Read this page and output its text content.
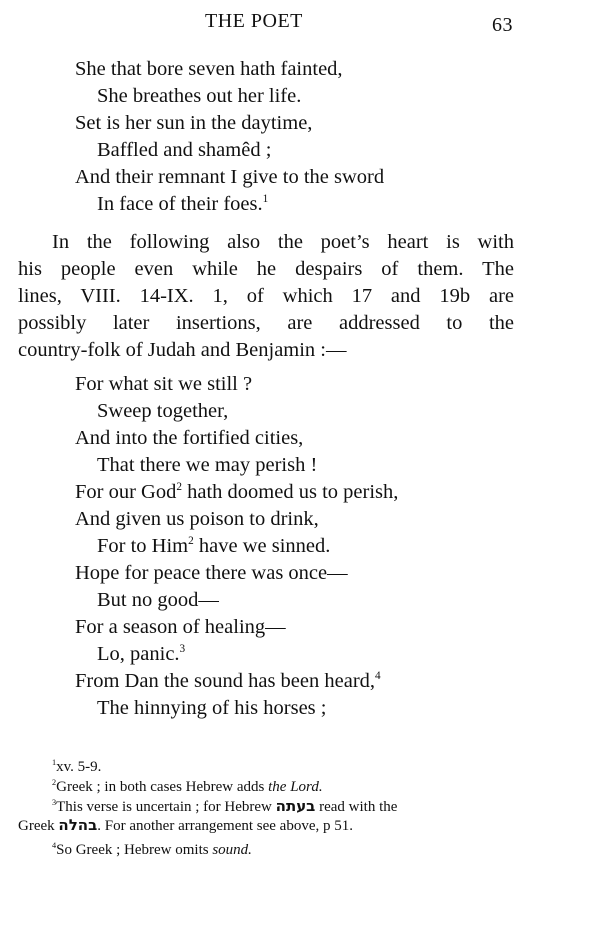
THE POET	63
She that bore seven hath fainted,
She breathes out her life.
Set is her sun in the daytime,
Baffled and shamêd ;
And their remnant I give to the sword
In face of their foes.$^1$
In the following also the poet’s heart is with
his people even while he despairs of them. The
lines, VIII. 14-IX. 1, of which 17 and 19b are
possibly later insertions, are addressed to the
country-folk of Judah and Benjamin :—
For what sit we still ?
Sweep together,
And into the fortified cities,
That there we may perish !
For our God$^2$ hath doomed us to perish,
And given us poison to drink,
For to Him$^2$ have we sinned.
Hope for peace there was once—
But no good—
For a season of healing—
Lo, panic.$^3$
From Dan the sound has been heard,$^4$
The hinnying of his horses ;
$^1$xv. 5-9.
$^2$Greek ; in both cases Hebrew adds the Lord.
$^3$This verse is uncertain ; for Hebrew בעתה read with the
Greek בהלה. For another arrangement see above, p 51.
$^4$So Greek ; Hebrew omits sound.
